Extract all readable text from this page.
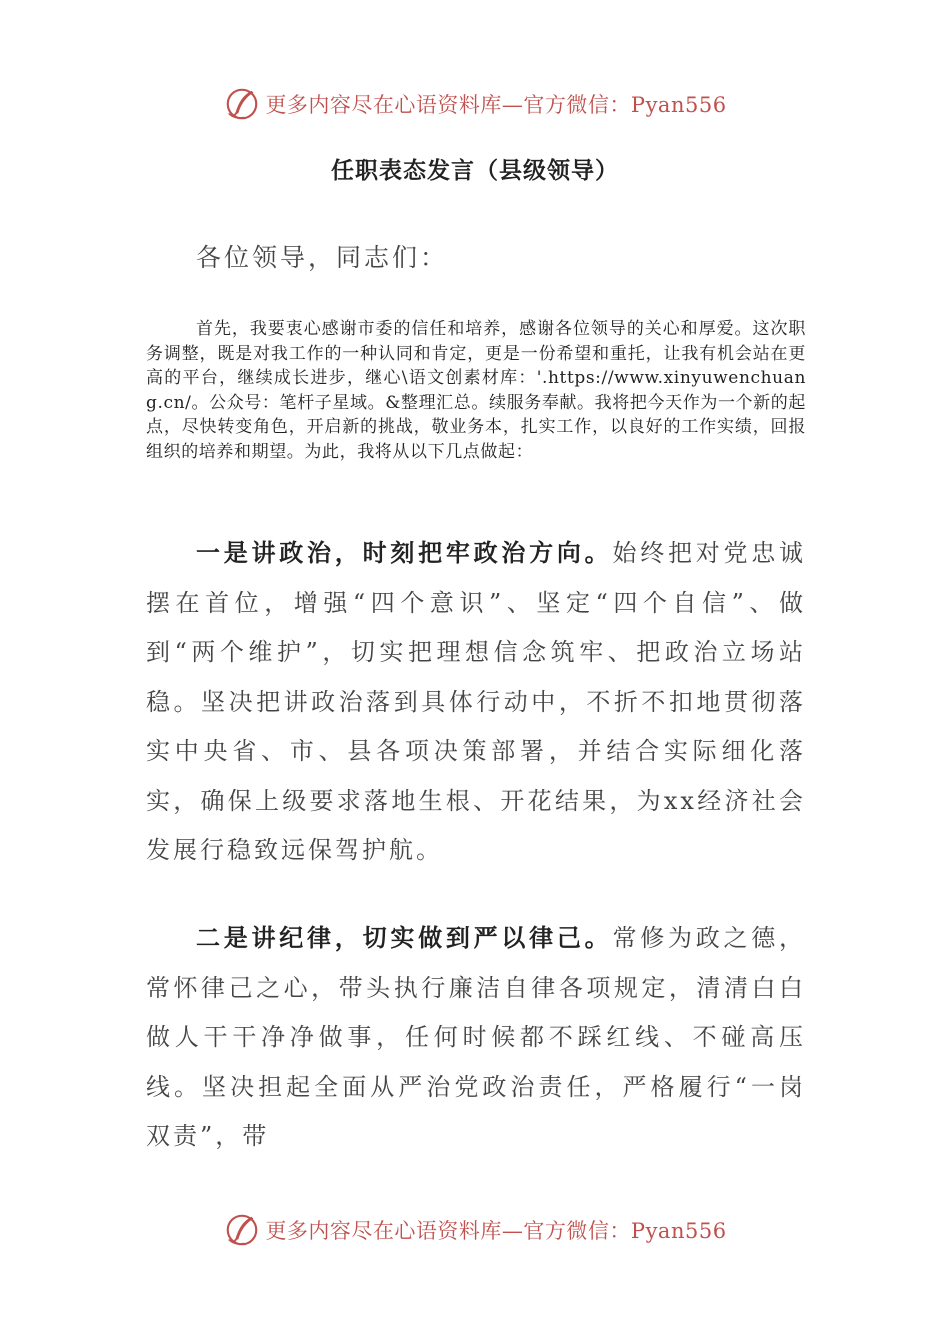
更多内容尽在心语资料库—官方微信：Pyan556
任职表态发言（县级领导）
各位领导，同志们：
首先，我要衷心感谢市委的信任和培养，感谢各位领导的关心和厚爱。这次职务调整，既是对我工作的一种认同和肯定，更是一份希望和重托，让我有机会站在更高的平台，继续成长进步，继心\语文创素材库：'.https://www.xinyuwenchuang.cn/。公众号：笔杆子星域。&整理汇总。续服务奉献。我将把今天作为一个新的起点，尽快转变角色，开启新的挑战，敬业务本，扎实工作，以良好的工作实绩，回报组织的培养和期望。为此，我将从以下几点做起：
一是讲政治，时刻把牢政治方向。始终把对党忠诚摆在首位，增强“四个意识”、坚定“四个自信”、做到“两个维护”，切实把理想信念筑牢、把政治立场站稳。坚决把讲政治落到具体行动中，不折不扣地贯彻落实中央省、市、县各项决策部署，并结合实际细化落实，确保上级要求落地生根、开花结果，为xx经济社会发展行稳致远保驾护航。
二是讲纪律，切实做到严以律己。常修为政之德，常怀律己之心，带头执行廉洁自律各项规定，清清白白做人干干净净做事，任何时候都不踩红线、不碰高压线。坚决担起全面从严治党政治责任，严格履行“一岗双责”，带
更多内容尽在心语资料库—官方微信：Pyan556
